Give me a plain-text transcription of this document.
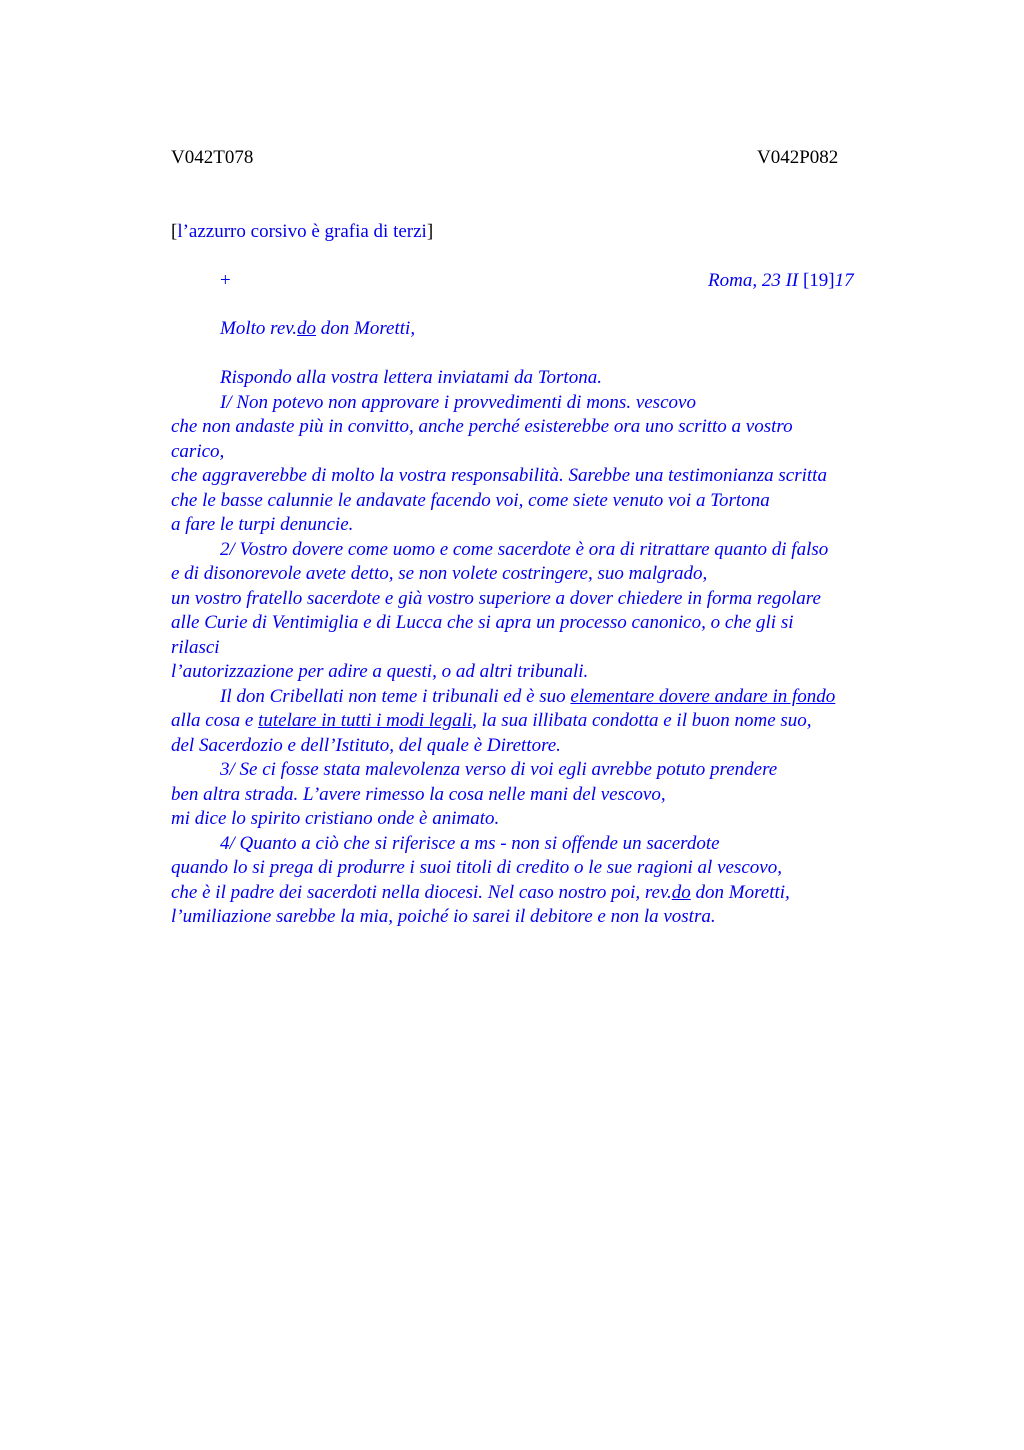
V042T078	V042P082
[l’azzurro corsivo è grafia di terzi]
+	Roma, 23 II [19]17
Molto rev.do don Moretti,
Rispondo alla vostra lettera inviatami da Tortona.
I/ Non potevo non approvare i provvedimenti di mons. vescovo
che non andaste più in convitto, anche perché esisterebbe ora uno scritto a vostro
carico,
che aggraverebbe di molto la vostra responsabilità. Sarebbe una testimonianza scritta
che le basse calunnie le andavate facendo voi, come siete venuto voi a Tortona
a fare le turpi denuncie.
2/ Vostro dovere come uomo e come sacerdote è ora di ritrattare quanto di falso
e di disonorevole avete detto, se non volete costringere, suo malgrado,
un vostro fratello sacerdote e già vostro superiore a dover chiedere in forma regolare
alle Curie di Ventimiglia e di Lucca che si apra un processo canonico, o che gli si
rilasci
l’autorizzazione per adire a questi, o ad altri tribunali.
Il don Cribellati non teme i tribunali ed è suo elementare dovere andare in fondo
alla cosa e tutelare in tutti i modi legali, la sua illibata condotta e il buon nome suo,
del Sacerdozio e dell’Istituto, del quale è Direttore.
3/ Se ci fosse stata malevolenza verso di voi egli avrebbe potuto prendere
ben altra strada. L’avere rimesso la cosa nelle mani del vescovo,
mi dice lo spirito cristiano onde è animato.
4/ Quanto a ciò che si riferisce a ms - non si offende un sacerdote
quando lo si prega di produrre i suoi titoli di credito o le sue ragioni al vescovo,
che è il padre dei sacerdoti nella diocesi. Nel caso nostro poi, rev.do don Moretti,
l’umiliazione sarebbe la mia, poiché io sarei il debitore e non la vostra.
